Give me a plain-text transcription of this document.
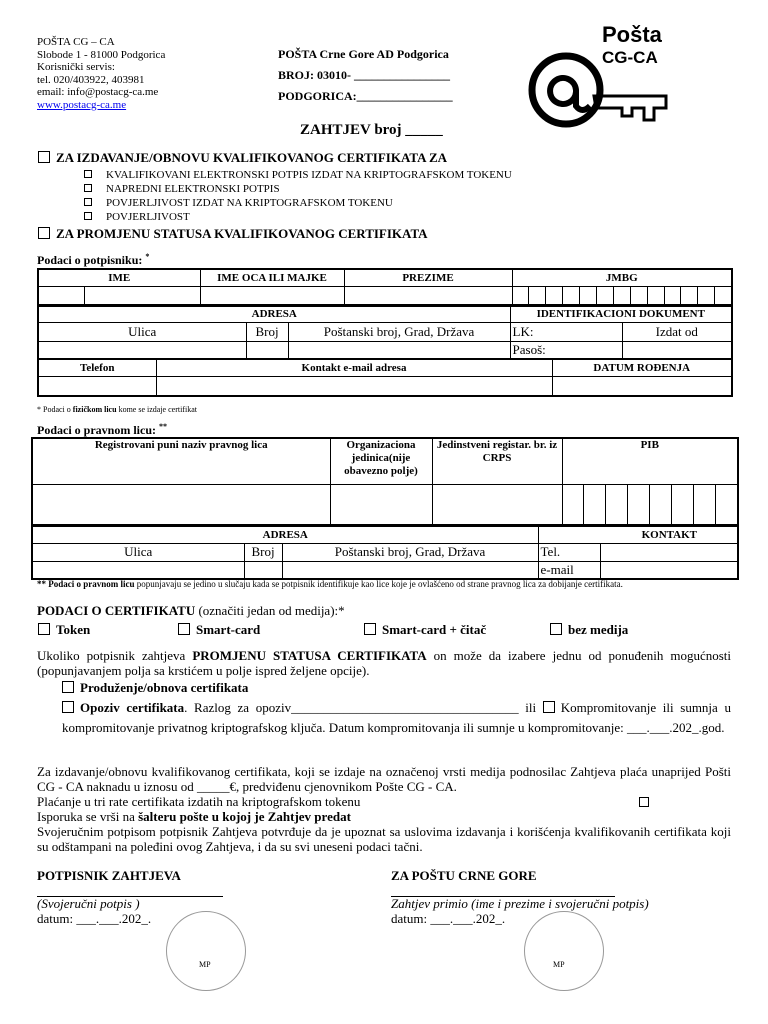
POŠTA CG – CA
Slobode 1 - 81000 Podgorica
Korisnički servis:
tel. 020/403922, 403981
email: info@postacg-ca.me
www.postacg-ca.me
POŠTA Crne Gore AD Podgorica
BROJ: 03010- ________________
PODGORICA:________________
Pošta
CG-CA
ZAHTJEV broj _____
ZA IZDAVANJE/OBNOVU KVALIFIKOVANOG CERTIFIKATA ZA
KVALIFIKOVANI ELEKTRONSKI POTPIS IZDAT NA KRIPTOGRAFSKOM TOKENU
NAPREDNI ELEKTRONSKI POTPIS
POVJERLJIVOST IZDAT NA KRIPTOGRAFSKOM TOKENU
POVJERLJIVOST
ZA PROMJENU STATUSA KVALIFIKOVANOG CERTIFIKATA
Podaci o potpisniku: *
IME		IME OCA ILI MAJKE	PREZIME	JMBG

ADRESA			IDENTIFIKACIONI DOKUMENT	
Ulica	Broj	Poštanski broj, Grad, Država	LK:	Izdat od
			Pasoš:	
Telefon	Kontakt e-mail adresa	DATUM ROĐENJA

* Podaci o fizičkom licu kome se izdaje certifikat
Podaci o pravnom licu: **
Registrovani puni naziv pravnog lica	Organizaciona jedinica(nije obavezno polje)	Jedinstveni registar. br. iz CRPS	PIB

ADRESA			KONTAKT	
Ulica	Broj	Poštanski broj, Grad, Država	Tel.	
			e-mail	
** Podaci o pravnom licu popunjavaju se jedino u slučaju kada se potpisnik identifikuje kao lice koje je ovlašćeno od strane pravnog lica za dobijanje certifikata.
PODACI O CERTIFIKATU (označiti jedan od medija):*
Token	Smart-card	Smart-card + čitač	bez medija
Ukoliko potpisnik zahtjeva PROMJENU STATUSA CERTIFIKATA on može da izabere jednu od ponuđenih mogućnosti (popunjavanjem polja sa krstićem u polje ispred željene opcije).
Produženje/obnova certifikata
Opoziv certifikata. Razlog za opoziv___________________________________ ili Kompromitovanje ili sumnja u kompromitovanje privatnog kriptografskog ključa. Datum kompromitovanja ili sumnje u kompromitovanje: ___.___.202_.god.
Za izdavanje/obnovu kvalifikovanog certifikata, koji se izdaje na označenoj vrsti medija podnosilac Zahtjeva plaća unaprijed Pošti CG - CA naknadu u iznosu od _____€, predviđenu cjenovnikom Pošte CG - CA.
Plaćanje u tri rate certifikata izdatih na kriptografskom tokenu
Isporuka se vrši na šalteru pošte u kojoj je Zahtjev predat
Svojeručnim potpisom potpisnik Zahtjeva potvrđuje da je upoznat sa uslovima izdavanja i korišćenja kvalifikovanih certifikata koji su odštampani na poleđini ovog Zahtjeva, i da su svi uneseni podaci tačni.
POTPISNIK ZAHTJEVA
(Svojeručni potpis )
datum: ___.___.202_.
MP
ZA POŠTU CRNE GORE
Zahtjev primio (ime i prezime i svojeručni potpis)
datum: ___.___.202_.
MP
